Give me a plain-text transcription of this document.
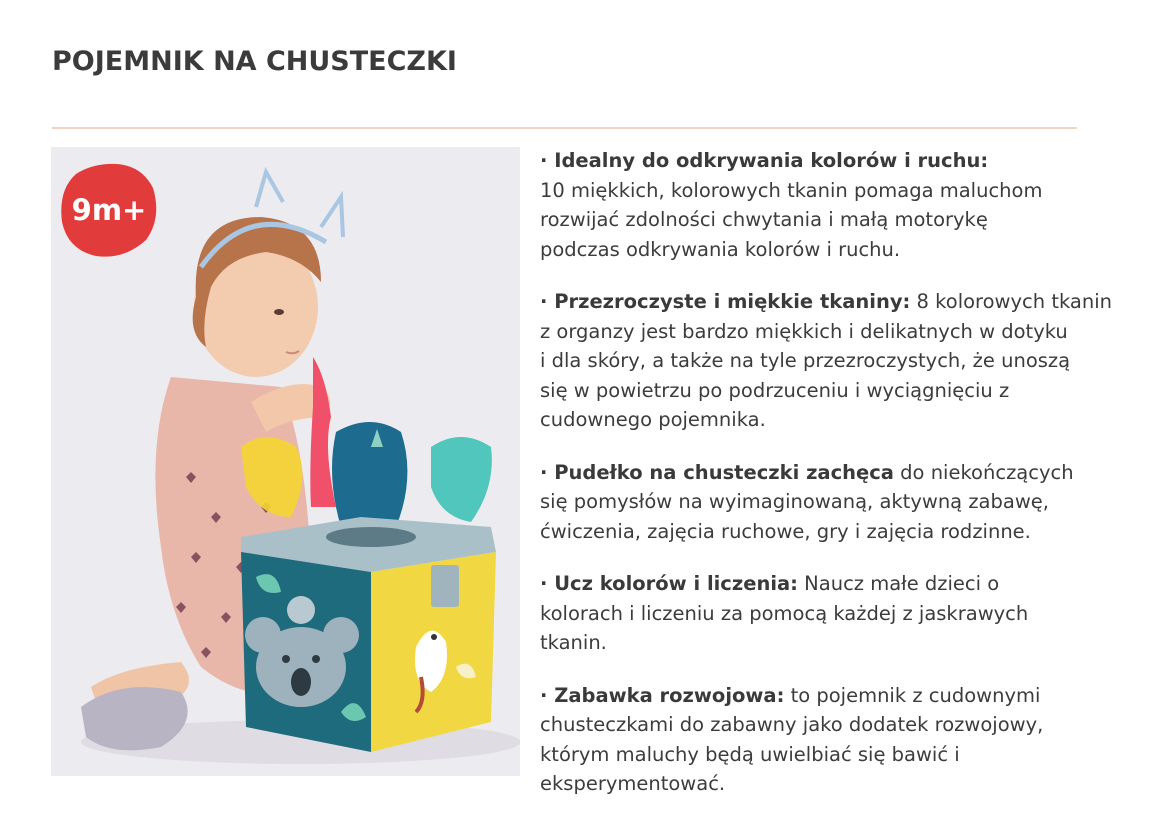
POJEMNIK NA CHUSTECZKI
9m+

· Idealny do odkrywania kolorów i ruchu:
10 miękkich, kolorowych tkanin pomaga maluchom
rozwijać zdolności chwytania i małą motorykę
podczas odkrywania kolorów i ruchu.

· Przezroczyste i miękkie tkaniny: 8 kolorowych tkanin
z organzy jest bardzo miękkich i delikatnych w dotyku
i dla skóry, a także na tyle przezroczystych, że unoszą
się w powietrzu po podrzuceniu i wyciągnięciu z
cudownego pojemnika.

· Pudełko na chusteczki zachęca do niekończących
się pomysłów na wyimaginowaną, aktywną zabawę,
ćwiczenia, zajęcia ruchowe, gry i zajęcia rodzinne.

· Ucz kolorów i liczenia: Naucz małe dzieci o
kolorach i liczeniu za pomocą każdej z jaskrawych
tkanin.

· Zabawka rozwojowa: to pojemnik z cudownymi
chusteczkami do zabawny jako dodatek rozwojowy,
którym maluchy będą uwielbiać się bawić i
eksperymentować.
